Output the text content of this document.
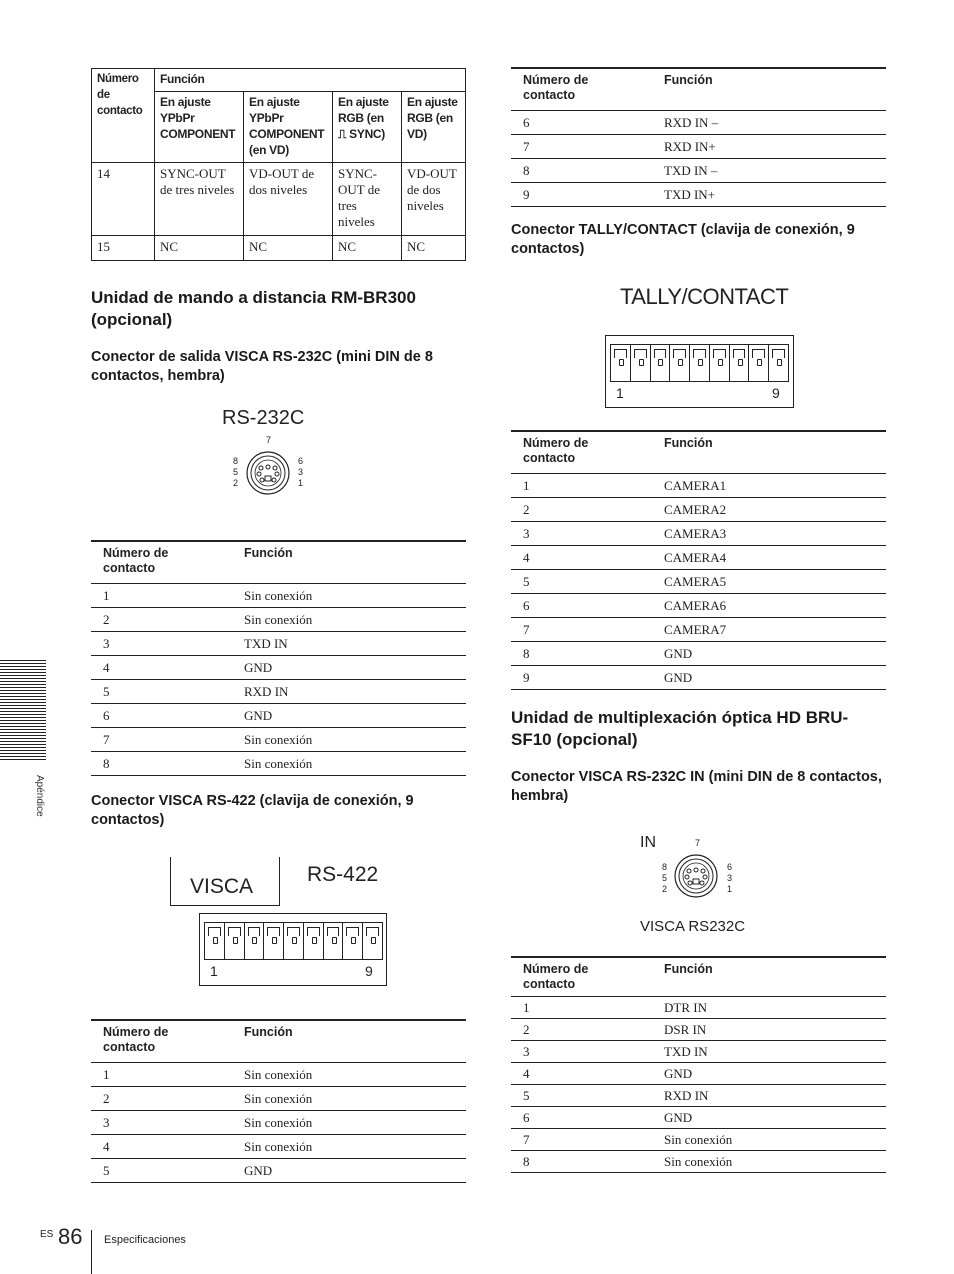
Número de contacto	Función			
	En ajuste YPbPr COMPONENT	En ajuste YPbPr COMPONENT (en VD)	En ajuste RGB (en
⎍ SYNC)	En ajuste RGB (en VD)
14	SYNC-OUT de tres niveles	VD-OUT de dos niveles	SYNC-OUT de tres niveles	VD-OUT de dos niveles
15	NC	NC	NC	NC
Unidad de mando a distancia RM-BR300 (opcional)
Conector de salida VISCA RS-232C (mini DIN de 8 contactos, hembra)
RS-232C
7
8
5
2
6
3
1
Número de contacto	Función
1	Sin conexión
2	Sin conexión
3	TXD IN
4	GND
5	RXD IN
6	GND
7	Sin conexión
8	Sin conexión
Conector VISCA RS-422 (clavija de conexión, 9 contactos)
VISCA
RS-422
1	9
Número de contacto	Función
1	Sin conexión
2	Sin conexión
3	Sin conexión
4	Sin conexión
5	GND
Número de contacto	Función
6	RXD IN –
7	RXD IN+
8	TXD IN –
9	TXD IN+
Conector TALLY/CONTACT (clavija de conexión, 9 contactos)
TALLY/CONTACT
1	9
Número de contacto	Función
1	CAMERA1
2	CAMERA2
3	CAMERA3
4	CAMERA4
5	CAMERA5
6	CAMERA6
7	CAMERA7
8	GND
9	GND
Unidad de multiplexación óptica HD BRU-SF10 (opcional)
Conector VISCA RS-232C IN (mini DIN de 8 contactos, hembra)
IN	7
8
5
2
6
3
1
VISCA RS232C
Número de contacto	Función
1	DTR IN
2	DSR IN
3	TXD IN
4	GND
5	RXD IN
6	GND
7	Sin conexión
8	Sin conexión
Apéndice
ES 86 Especificaciones
